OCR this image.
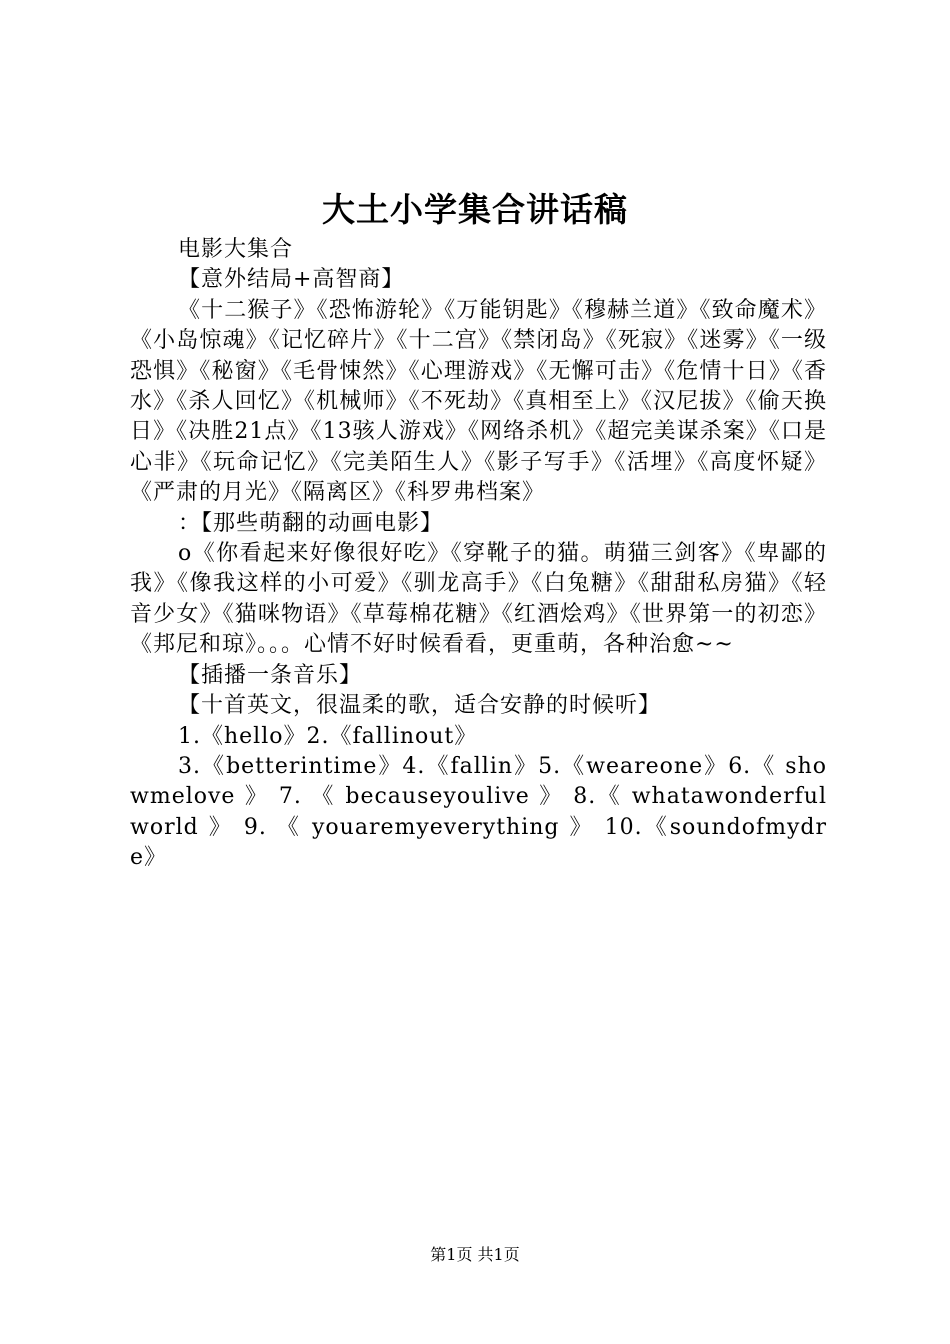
大土小学集合讲话稿

电影大集合

【意外结局+高智商】

《十二猴子》《恐怖游轮》《万能钥匙》《穆赫兰道》《致命魔术》《小岛惊魂》《记忆碎片》《十二宫》《禁闭岛》《死寂》《迷雾》《一级恐惧》《秘窗》《毛骨悚然》《心理游戏》《无懈可击》《危情十日》《香水》《杀人回忆》《机械师》《不死劫》《真相至上》《汉尼拔》《偷天换日》《决胜21点》《13骇人游戏》《网络杀机》《超完美谋杀案》《口是心非》《玩命记忆》《完美陌生人》《影子写手》《活埋》《高度怀疑》《严肃的月光》《隔离区》《科罗弗档案》

：【那些萌翻的动画电影】

o《你看起来好像很好吃》《穿靴子的猫。萌猫三剑客》《卑鄙的我》《像我这样的小可爱》《驯龙高手》《白兔糖》《甜甜私房猫》《轻音少女》《猫咪物语》《草莓棉花糖》《红酒烩鸡》《世界第一的初恋》《邦尼和琼》。。。心情不好时候看看，更重萌，各种治愈~~

【插播一条音乐】

【十首英文，很温柔的歌，适合安静的时候听】

1.《hello》2.《fallinout》

3.《betterintime》4.《fallin》5.《weareone》6.《 showmelove 》 7. 《 becauseyoulive 》 8.《 whatawonderfulworld 》 9. 《 youaremyeverything 》 10.《soundofmydre》

第1页 共1页
